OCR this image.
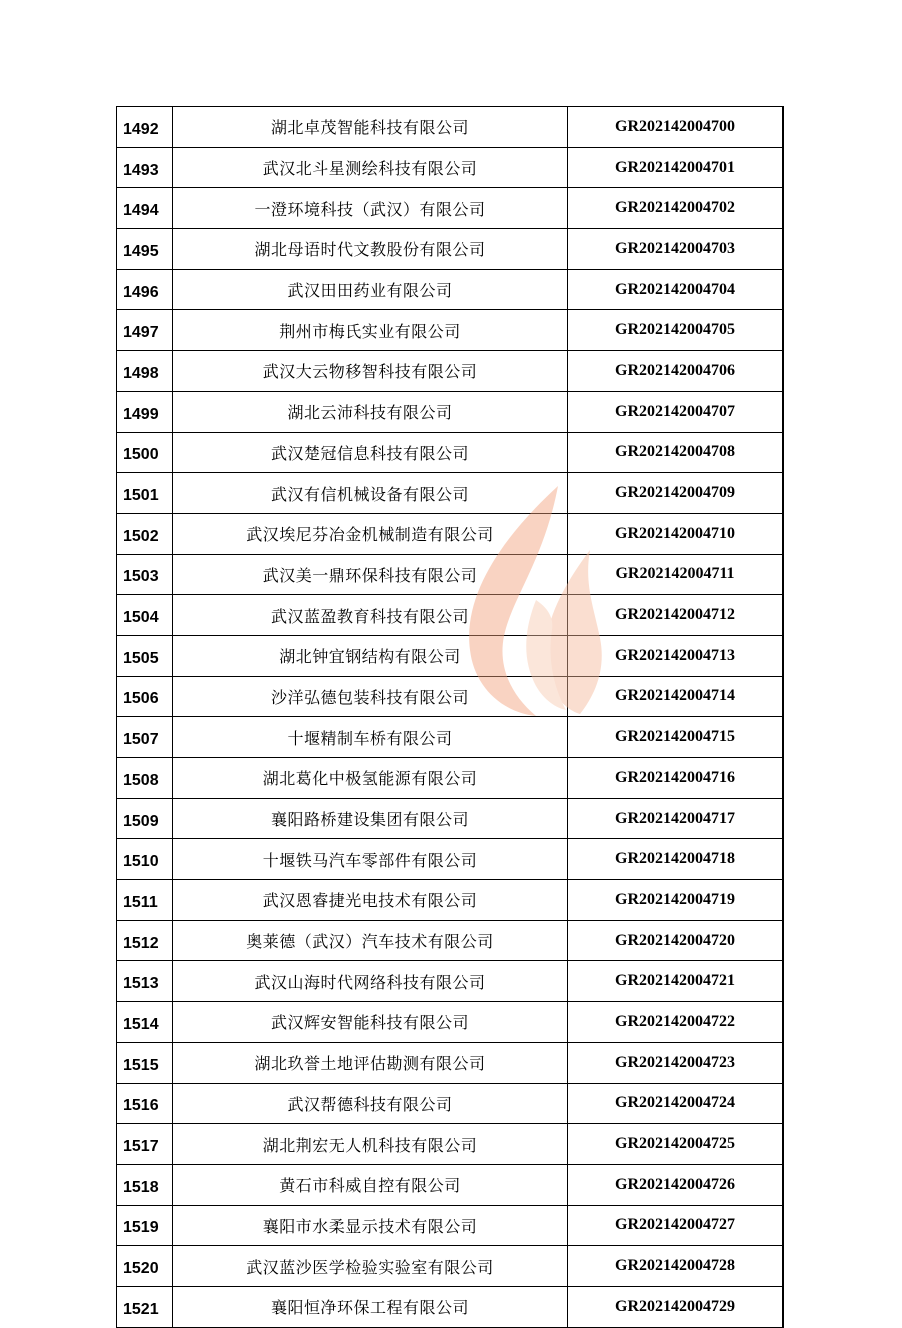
1492	湖北卓茂智能科技有限公司	GR202142004700
1493	武汉北斗星测绘科技有限公司	GR202142004701
1494	一澄环境科技（武汉）有限公司	GR202142004702
1495	湖北母语时代文教股份有限公司	GR202142004703
1496	武汉田田药业有限公司	GR202142004704
1497	荆州市梅氏实业有限公司	GR202142004705
1498	武汉大云物移智科技有限公司	GR202142004706
1499	湖北云沛科技有限公司	GR202142004707
1500	武汉楚冠信息科技有限公司	GR202142004708
1501	武汉有信机械设备有限公司	GR202142004709
1502	武汉埃尼芬冶金机械制造有限公司	GR202142004710
1503	武汉美一鼎环保科技有限公司	GR202142004711
1504	武汉蓝盈教育科技有限公司	GR202142004712
1505	湖北钟宜钢结构有限公司	GR202142004713
1506	沙洋弘德包装科技有限公司	GR202142004714
1507	十堰精制车桥有限公司	GR202142004715
1508	湖北葛化中极氢能源有限公司	GR202142004716
1509	襄阳路桥建设集团有限公司	GR202142004717
1510	十堰铁马汽车零部件有限公司	GR202142004718
1511	武汉恩睿捷光电技术有限公司	GR202142004719
1512	奥莱德（武汉）汽车技术有限公司	GR202142004720
1513	武汉山海时代网络科技有限公司	GR202142004721
1514	武汉辉安智能科技有限公司	GR202142004722
1515	湖北玖誉土地评估勘测有限公司	GR202142004723
1516	武汉帮德科技有限公司	GR202142004724
1517	湖北荆宏无人机科技有限公司	GR202142004725
1518	黄石市科威自控有限公司	GR202142004726
1519	襄阳市水柔显示技术有限公司	GR202142004727
1520	武汉蓝沙医学检验实验室有限公司	GR202142004728
1521	襄阳恒净环保工程有限公司	GR202142004729
